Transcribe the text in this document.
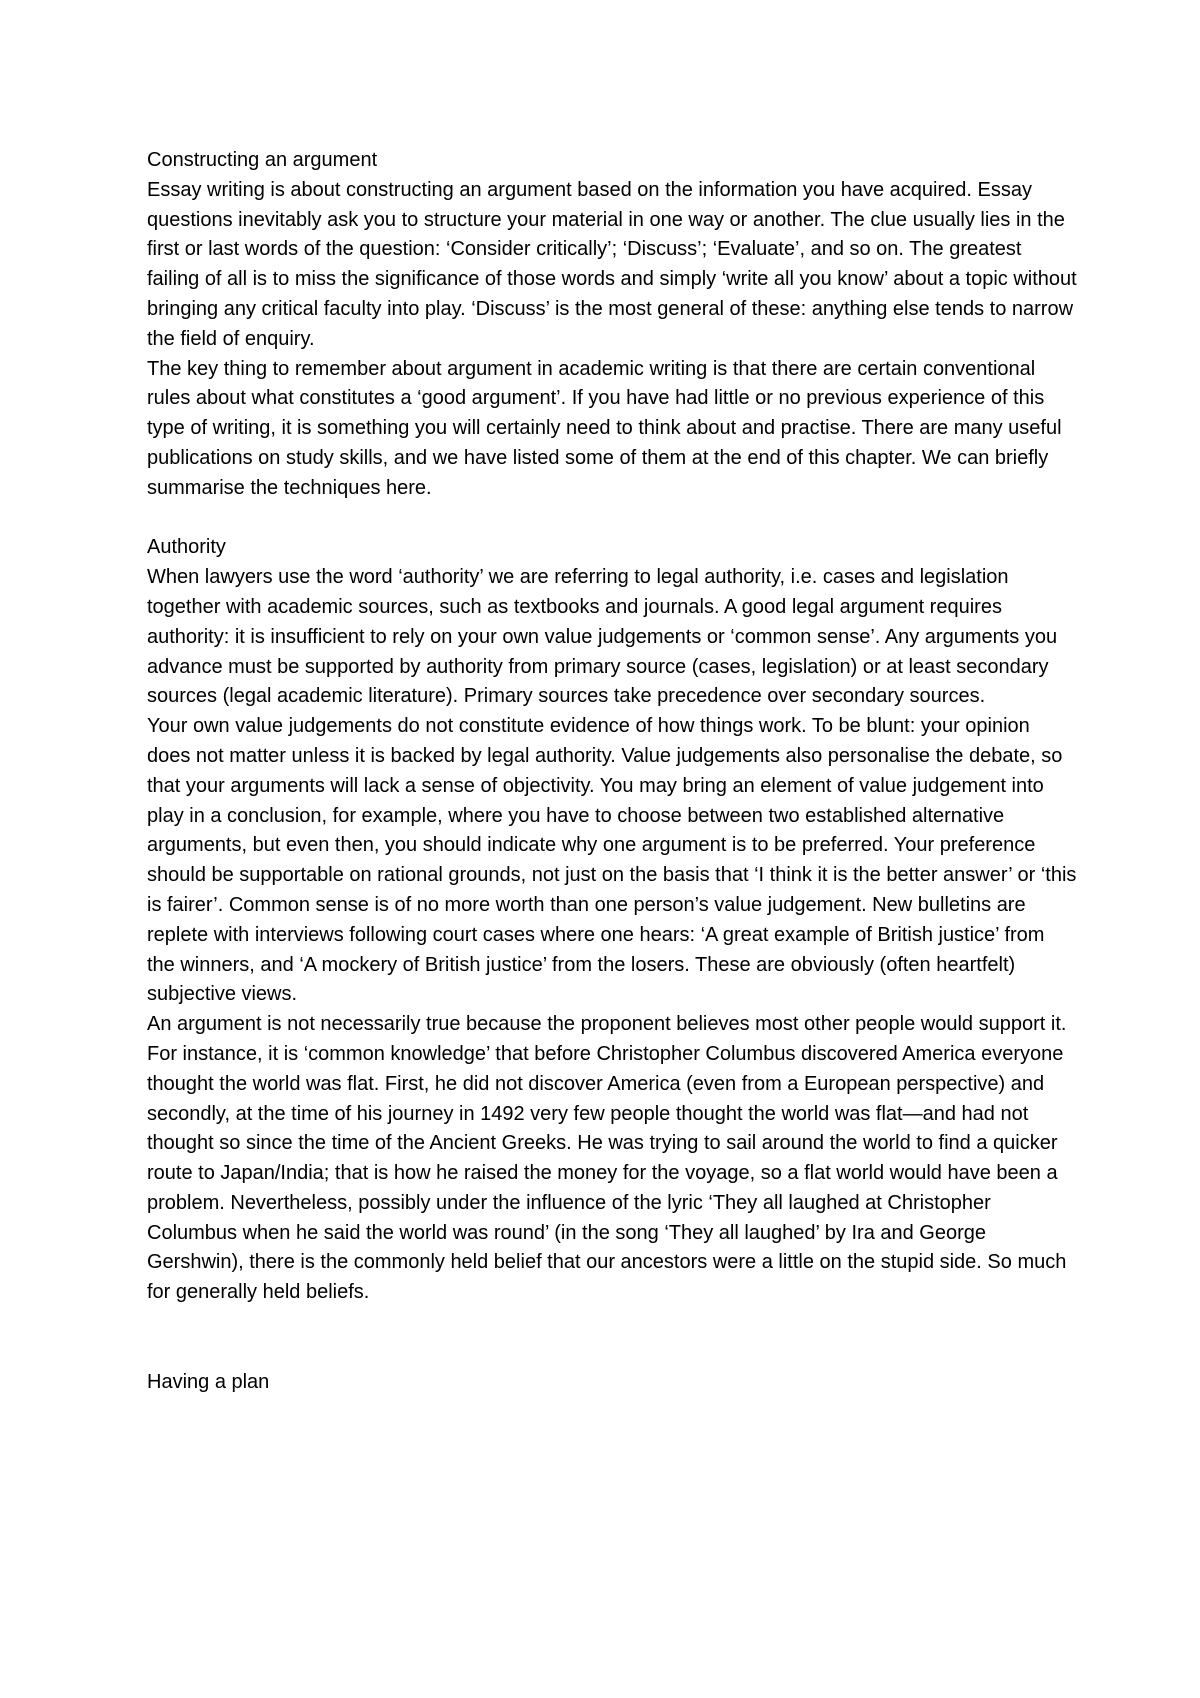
Constructing an argument

Essay writing is about constructing an argument based on the information you have acquired. Essay questions inevitably ask you to structure your material in one way or another. The clue usually lies in the first or last words of the question: ‘Consider critically’; ‘Discuss’; ‘Evaluate’, and so on. The greatest failing of all is to miss the significance of those words and simply ‘write all you know’ about a topic without bringing any critical faculty into play. ‘Discuss’ is the most general of these: anything else tends to narrow the field of enquiry.

The key thing to remember about argument in academic writing is that there are certain conventional rules about what constitutes a ‘good argument’. If you have had little or no previous experience of this type of writing, it is something you will certainly need to think about and practise. There are many useful publications on study skills, and we have listed some of them at the end of this chapter. We can briefly summarise the techniques here.

Authority

When lawyers use the word ‘authority’ we are referring to legal authority, i.e. cases and legislation together with academic sources, such as textbooks and journals. A good legal argument requires authority: it is insufficient to rely on your own value judgements or ‘common sense’. Any arguments you advance must be supported by authority from primary source (cases, legislation) or at least secondary sources (legal academic literature). Primary sources take precedence over secondary sources.

Your own value judgements do not constitute evidence of how things work. To be blunt: your opinion does not matter unless it is backed by legal authority. Value judgements also personalise the debate, so that your arguments will lack a sense of objectivity. You may bring an element of value judgement into play in a conclusion, for example, where you have to choose between two established alternative arguments, but even then, you should indicate why one argument is to be preferred. Your preference should be supportable on rational grounds, not just on the basis that ‘I think it is the better answer’ or ‘this is fairer’. Common sense is of no more worth than one person’s value judgement. New bulletins are replete with interviews following court cases where one hears: ‘A great example of British justice’ from the winners, and ‘A mockery of British justice’ from the losers. These are obviously (often heartfelt) subjective views.

An argument is not necessarily true because the proponent believes most other people would support it. For instance, it is ‘common knowledge’ that before Christopher Columbus discovered America everyone thought the world was flat. First, he did not discover America (even from a European perspective) and secondly, at the time of his journey in 1492 very few people thought the world was flat—and had not thought so since the time of the Ancient Greeks. He was trying to sail around the world to find a quicker route to Japan/India; that is how he raised the money for the voyage, so a flat world would have been a problem. Nevertheless, possibly under the influence of the lyric ‘They all laughed at Christopher Columbus when he said the world was round’ (in the song ‘They all laughed’ by Ira and George Gershwin), there is the commonly held belief that our ancestors were a little on the stupid side. So much for generally held beliefs.

Having a plan
